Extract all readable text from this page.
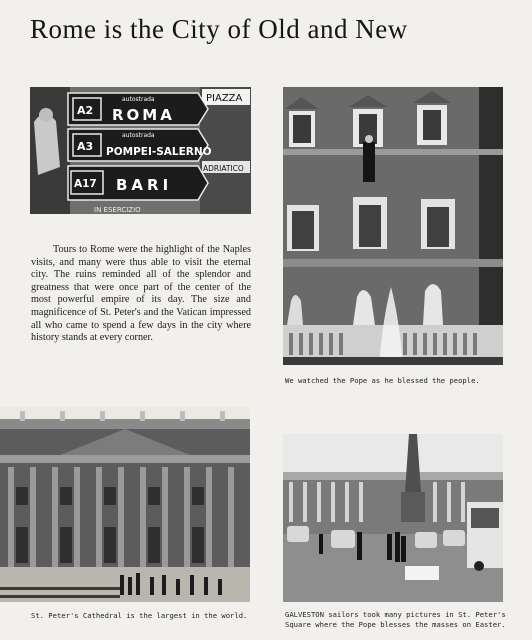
Rome is the City of Old and New
PIAZZA
ADRIATICO
A2
autostrada
ROMA
A3
autostrada
POMPEI-SALERNO
A17 BARI
IN ESERCIZIO
Tours to Rome were the highlight of the Naples visits, and many were thus able to visit the eternal city. The ruins reminded all of the splendor and greatness that were once part of the center of the most powerful empire of its day. The size and magnificence of St. Peter's and the Vatican impressed all who came to spend a few days in the city where history stands at every corner.
We watched the Pope as he blessed the people.
St. Peter's Cathedral is the largest in the world.	GALVESTON sailors took many pictures in St. Peter's
Square where the Pope blesses the masses on Easter.
